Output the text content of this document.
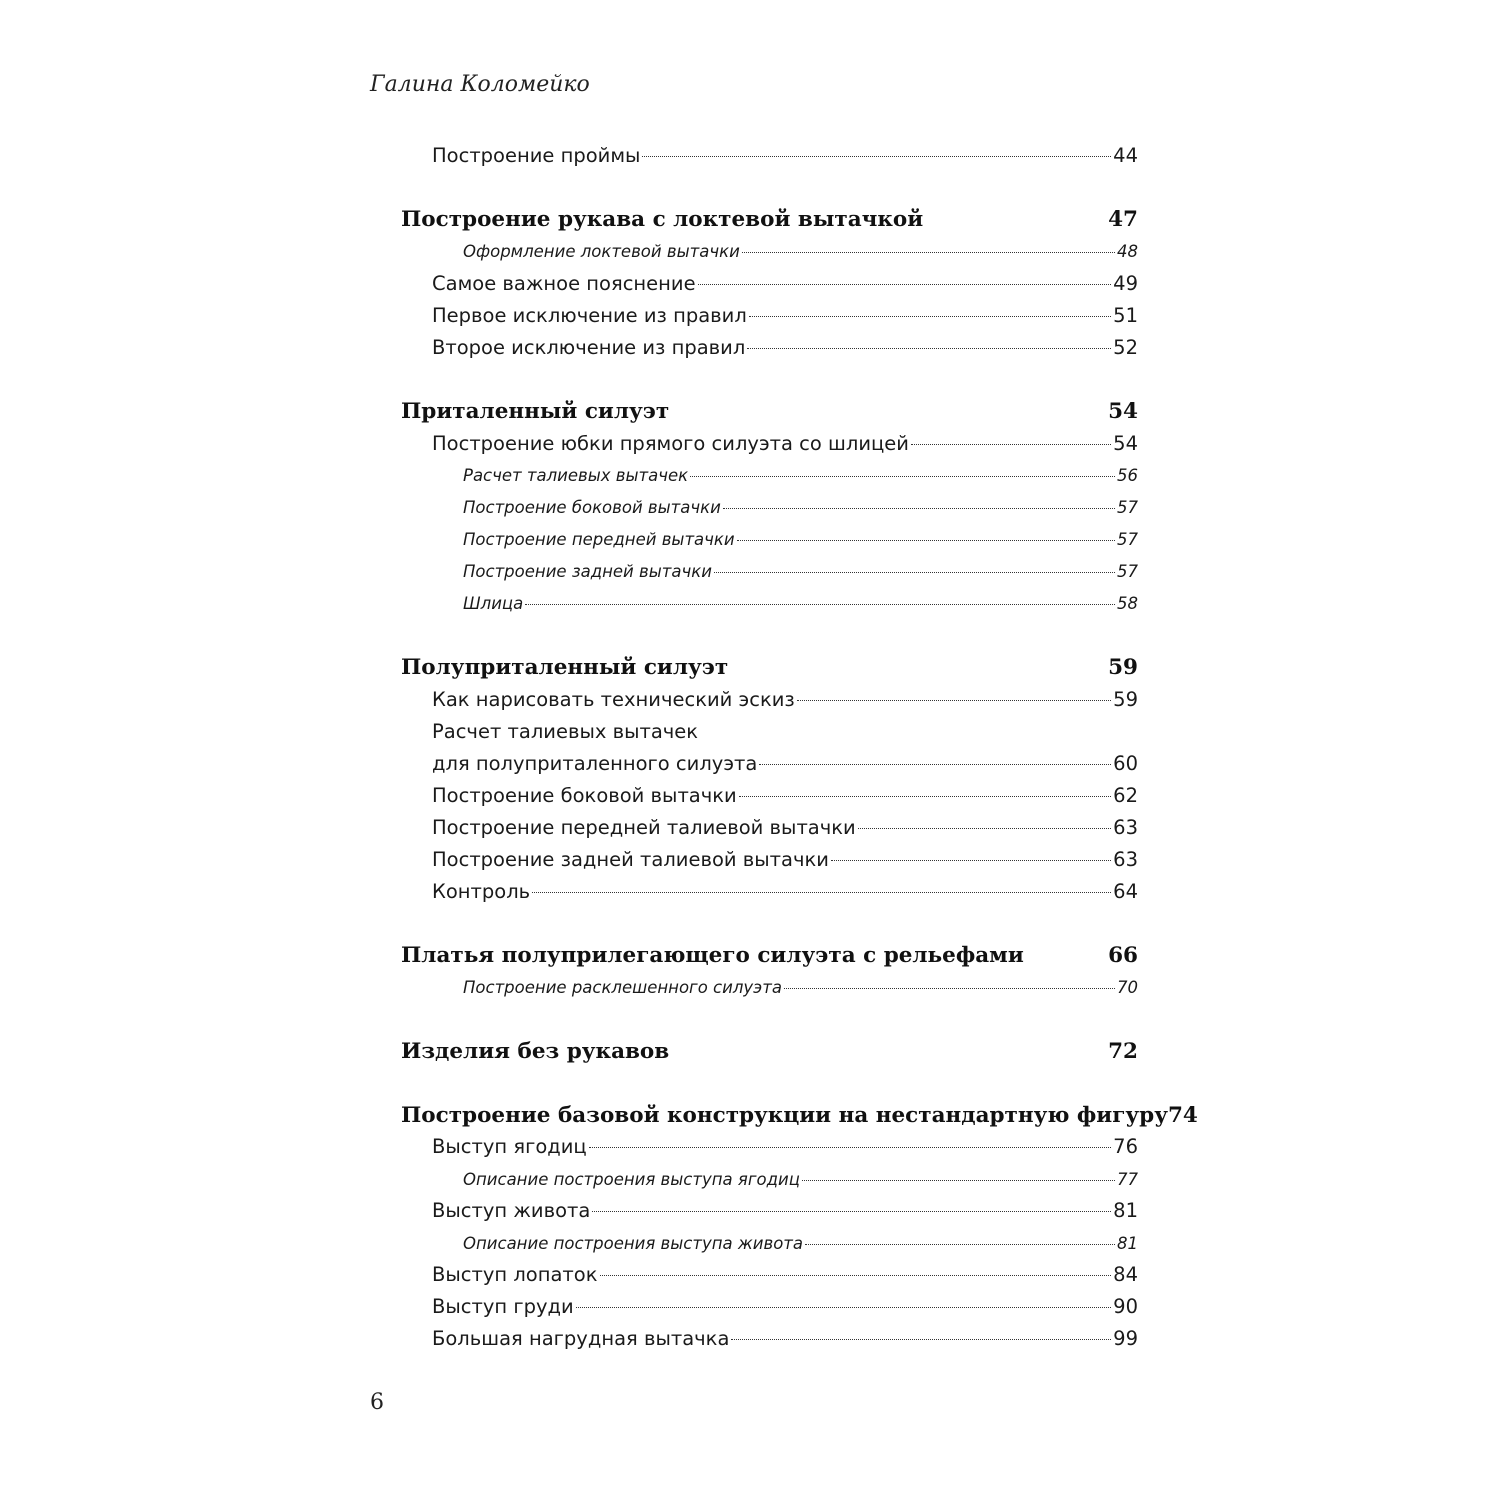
Галина Коломейко
Построение проймы	44
Построение рукава с локтевой вытачкой	47
Оформление локтевой вытачки	48
Самое важное пояснение	49
Первое исключение из правил	51
Второе исключение из правил	52
Приталенный силуэт	54
Построение юбки прямого силуэта со шлицей	54
Расчет талиевых вытачек	56
Построение боковой вытачки	57
Построение передней вытачки	57
Построение задней вытачки	57
Шлица	58
Полуприталенный силуэт	59
Как нарисовать технический эскиз	59
Расчет талиевых вытачек
для полуприталенного силуэта	60
Построение боковой вытачки	62
Построение передней талиевой вытачки	63
Построение задней талиевой вытачки	63
Контроль	64
Платья полуприлегающего силуэта с рельефами	66
Построение расклешенного силуэта	70
Изделия без рукавов	72
Построение базовой конструкции на нестандартную фигуру 74
Выступ ягодиц	76
Описание построения выступа ягодиц	77
Выступ живота	81
Описание построения выступа живота	81
Выступ лопаток	84
Выступ груди	90
Большая нагрудная вытачка	99
6
